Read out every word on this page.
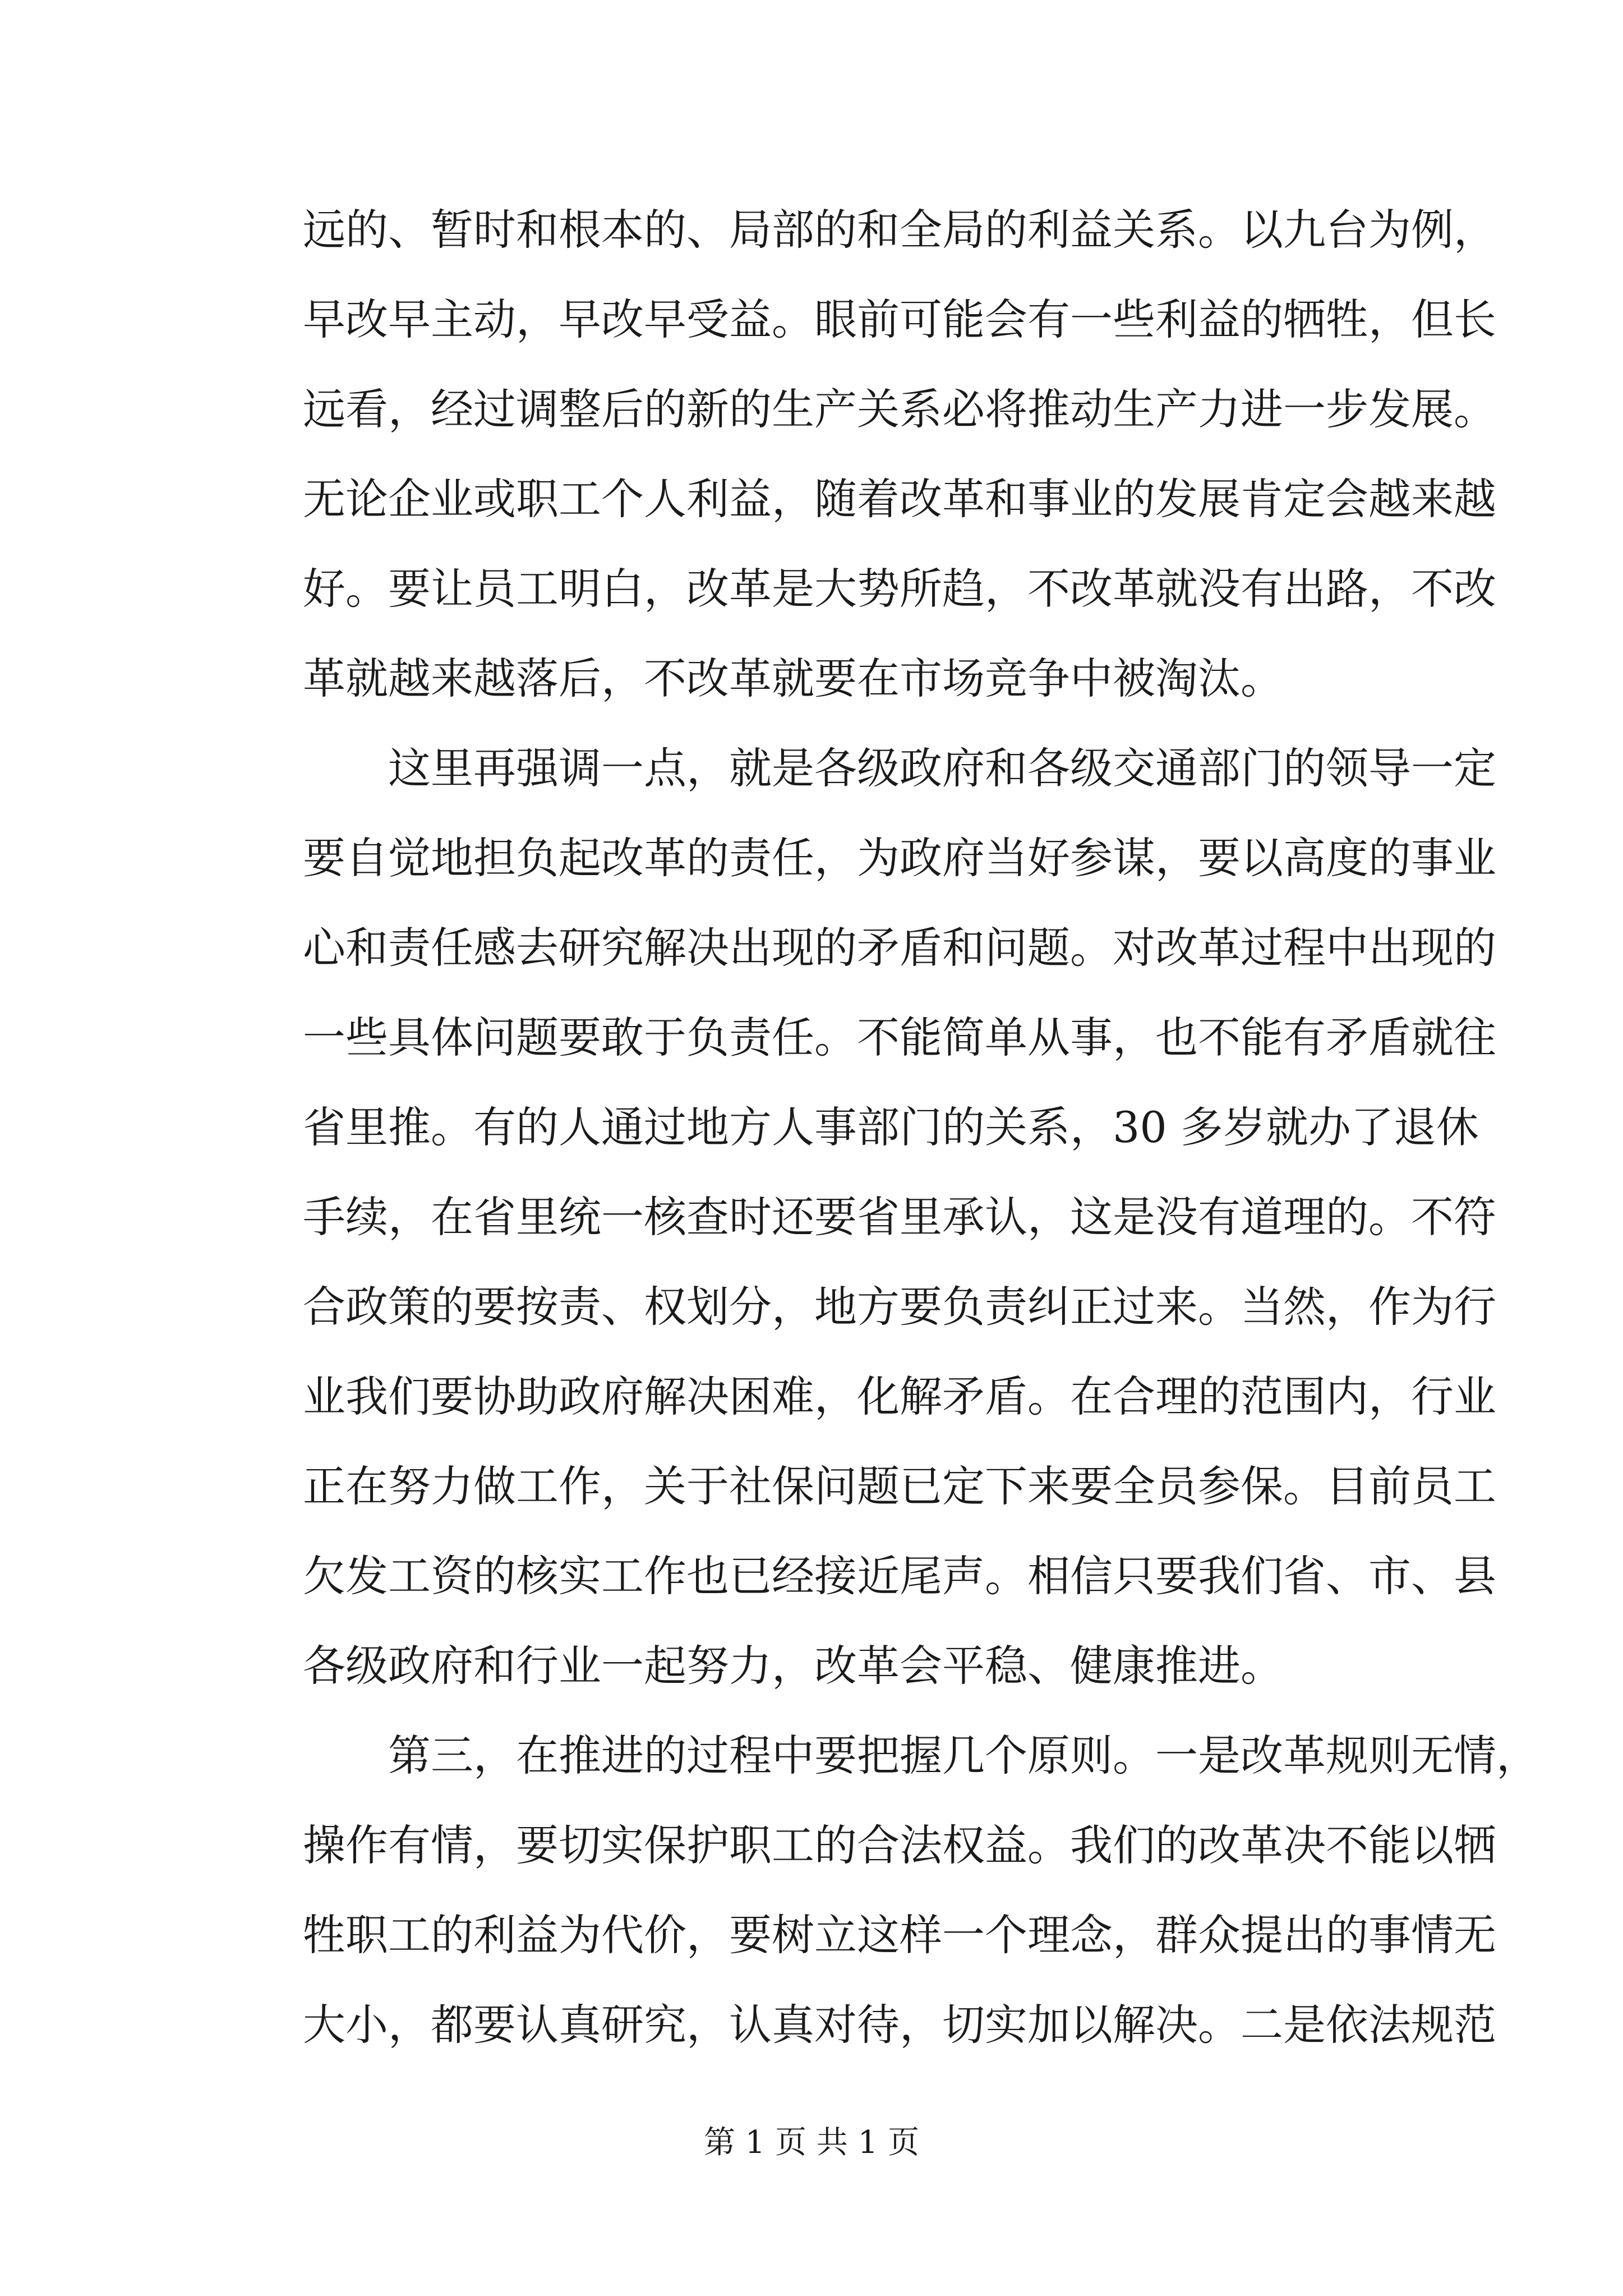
远的、暂时和根本的、局部的和全局的利益关系。以九台为例，
早改早主动，早改早受益。眼前可能会有一些利益的牺牲，但长
远看，经过调整后的新的生产关系必将推动生产力进一步发展。
无论企业或职工个人利益，随着改革和事业的发展肯定会越来越
好。要让员工明白，改革是大势所趋，不改革就没有出路，不改
革就越来越落后，不改革就要在市场竞争中被淘汰。
　　这里再强调一点，就是各级政府和各级交通部门的领导一定
要自觉地担负起改革的责任，为政府当好参谋，要以高度的事业
心和责任感去研究解决出现的矛盾和问题。对改革过程中出现的
一些具体问题要敢于负责任。不能简单从事，也不能有矛盾就往
省里推。有的人通过地方人事部门的关系，30 多岁就办了退休
手续，在省里统一核查时还要省里承认，这是没有道理的。不符
合政策的要按责、权划分，地方要负责纠正过来。当然，作为行
业我们要协助政府解决困难，化解矛盾。在合理的范围内，行业
正在努力做工作，关于社保问题已定下来要全员参保。目前员工
欠发工资的核实工作也已经接近尾声。相信只要我们省、市、县
各级政府和行业一起努力，改革会平稳、健康推进。
　　第三，在推进的过程中要把握几个原则。一是改革规则无情，
操作有情，要切实保护职工的合法权益。我们的改革决不能以牺
牲职工的利益为代价，要树立这样一个理念，群众提出的事情无
大小，都要认真研究，认真对待，切实加以解决。二是依法规范
第 1 页 共 1 页
